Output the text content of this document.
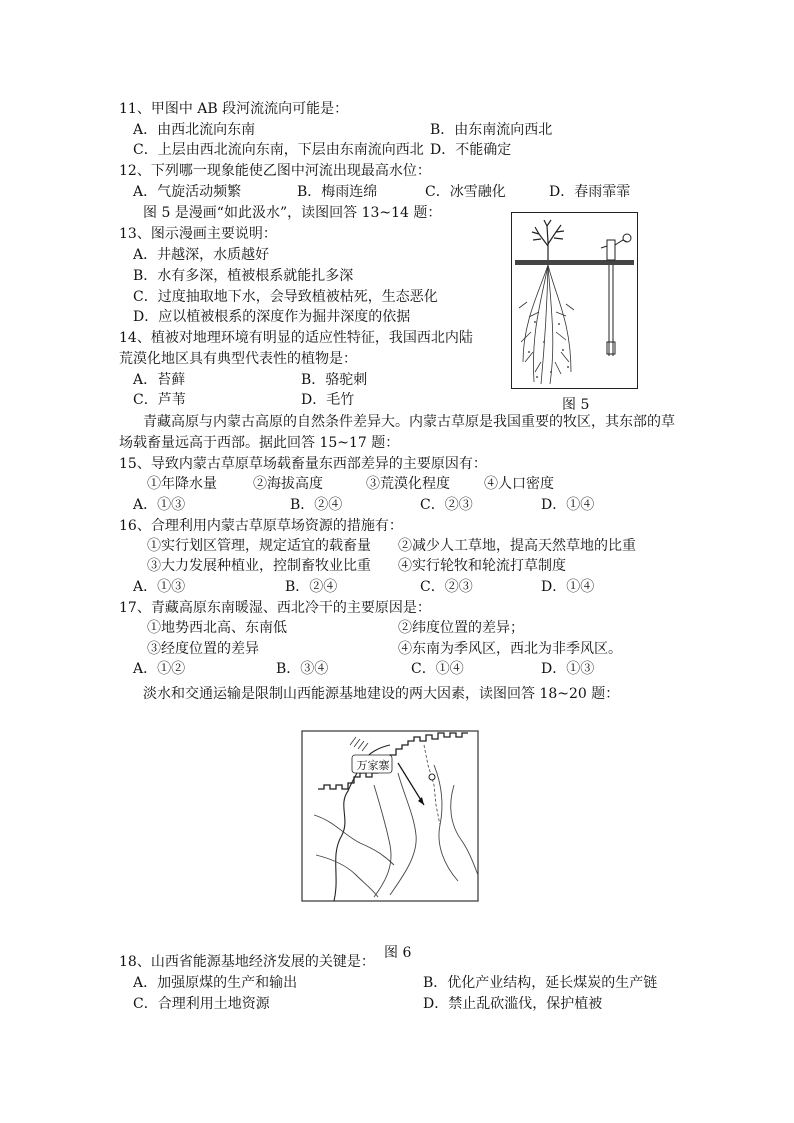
11、甲图中 AB 段河流流向可能是：
A．由西北流向东南	B．由东南流向西北
C．上层由西北流向东南，下层由东南流向西北 D．不能确定
12、下列哪一现象能使乙图中河流出现最高水位：
A．气旋活动频繁	B．梅雨连绵	C．冰雪融化	D．春雨霏霏
图 5 是漫画“如此汲水”，读图回答 13~14 题：
13、图示漫画主要说明：
A．井越深，水质越好
B．水有多深，植被根系就能扎多深
C．过度抽取地下水，会导致植被枯死，生态恶化
D．应以植被根系的深度作为掘井深度的依据
14、植被对地理环境有明显的适应性特征，我国西北内陆
荒漠化地区具有典型代表性的植物是：
A．苔藓	B．骆驼刺
C．芦苇	D．毛竹	图 5
青藏高原与内蒙古高原的自然条件差异大。内蒙古草原是我国重要的牧区，其东部的草
场载畜量远高于西部。据此回答 15~17 题：
15、导致内蒙古草原草场载畜量东西部差异的主要原因有：
①年降水量	②海拔高度	③荒漠化程度 ④人口密度
A．①③	B．②④	C．②③	D．①④
16、合理利用内蒙古草原草场资源的措施有：
①实行划区管理，规定适宜的载畜量 ②减少人工草地，提高天然草地的比重
③大力发展种植业，控制畜牧业比重 ④实行轮牧和轮流打草制度
A．①③	B．②④	C．②③	D．①④
17、青藏高原东南暖湿、西北冷干的主要原因是：
①地势西北高、东南低	②纬度位置的差异；
③经度位置的差异	④东南为季风区，西北为非季风区。
A．①②	B．③④	C．①④	D．①③
淡水和交通运输是限制山西能源基地建设的两大因素，读图回答 18~20 题：
万家寨
图 6
18、山西省能源基地经济发展的关键是：
A．加强原煤的生产和输出	B．优化产业结构，延长煤炭的生产链
C．合理利用土地资源	D．禁止乱砍滥伐，保护植被
